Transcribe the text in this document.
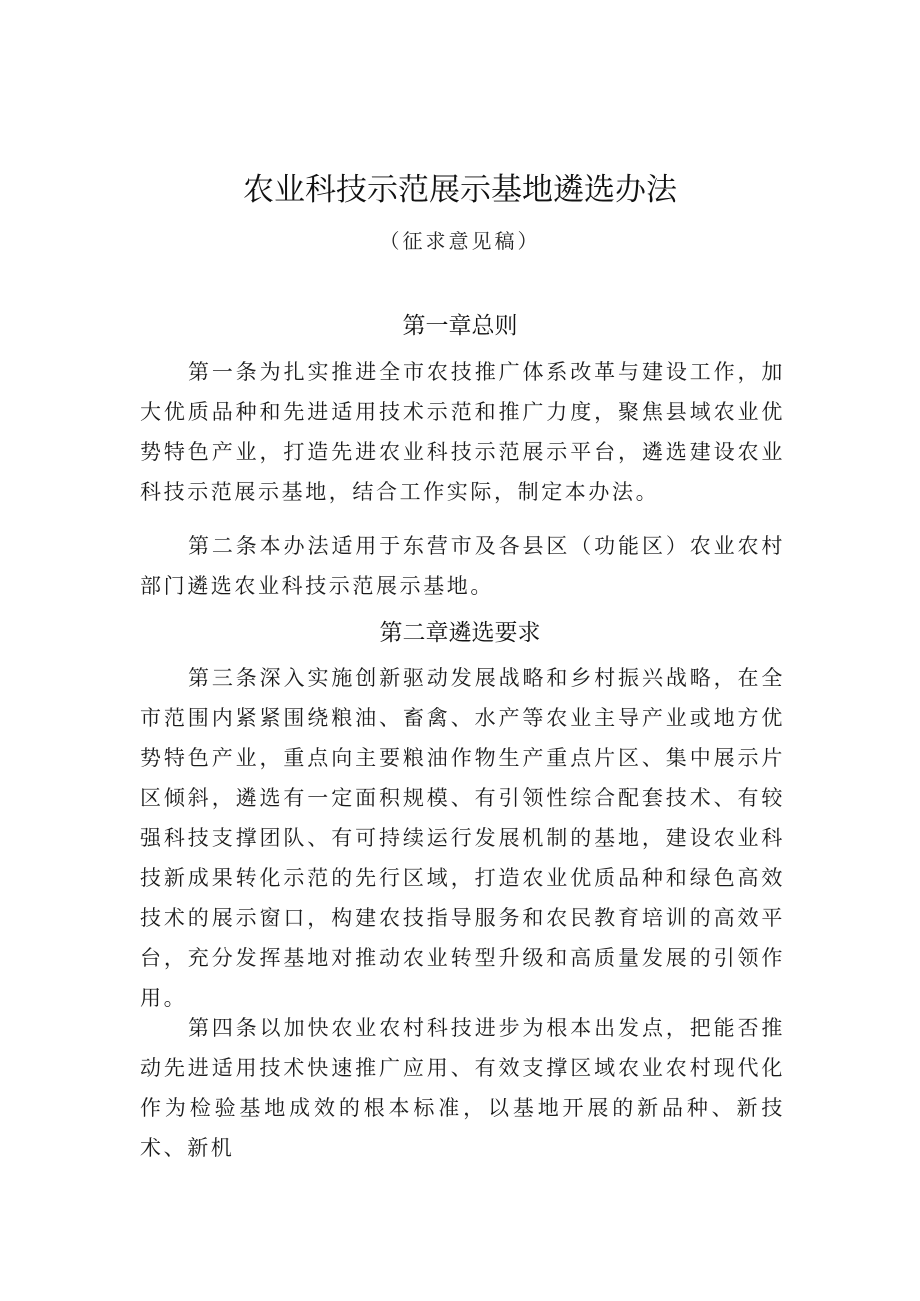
农业科技示范展示基地遴选办法
（征求意见稿）
第一章总则

第一条为扎实推进全市农技推广体系改革与建设工作，加大优质品种和先进适用技术示范和推广力度，聚焦县域农业优势特色产业，打造先进农业科技示范展示平台，遴选建设农业科技示范展示基地，结合工作实际，制定本办法。

第二条本办法适用于东营市及各县区（功能区）农业农村部门遴选农业科技示范展示基地。

第二章遴选要求

第三条深入实施创新驱动发展战略和乡村振兴战略，在全市范围内紧紧围绕粮油、畜禽、水产等农业主导产业或地方优势特色产业，重点向主要粮油作物生产重点片区、集中展示片区倾斜，遴选有一定面积规模、有引领性综合配套技术、有较强科技支撑团队、有可持续运行发展机制的基地，建设农业科技新成果转化示范的先行区域，打造农业优质品种和绿色高效技术的展示窗口，构建农技指导服务和农民教育培训的高效平台，充分发挥基地对推动农业转型升级和高质量发展的引领作用。

第四条以加快农业农村科技进步为根本出发点，把能否推动先进适用技术快速推广应用、有效支撑区域农业农村现代化作为检验基地成效的根本标准，以基地开展的新品种、新技术、新机
